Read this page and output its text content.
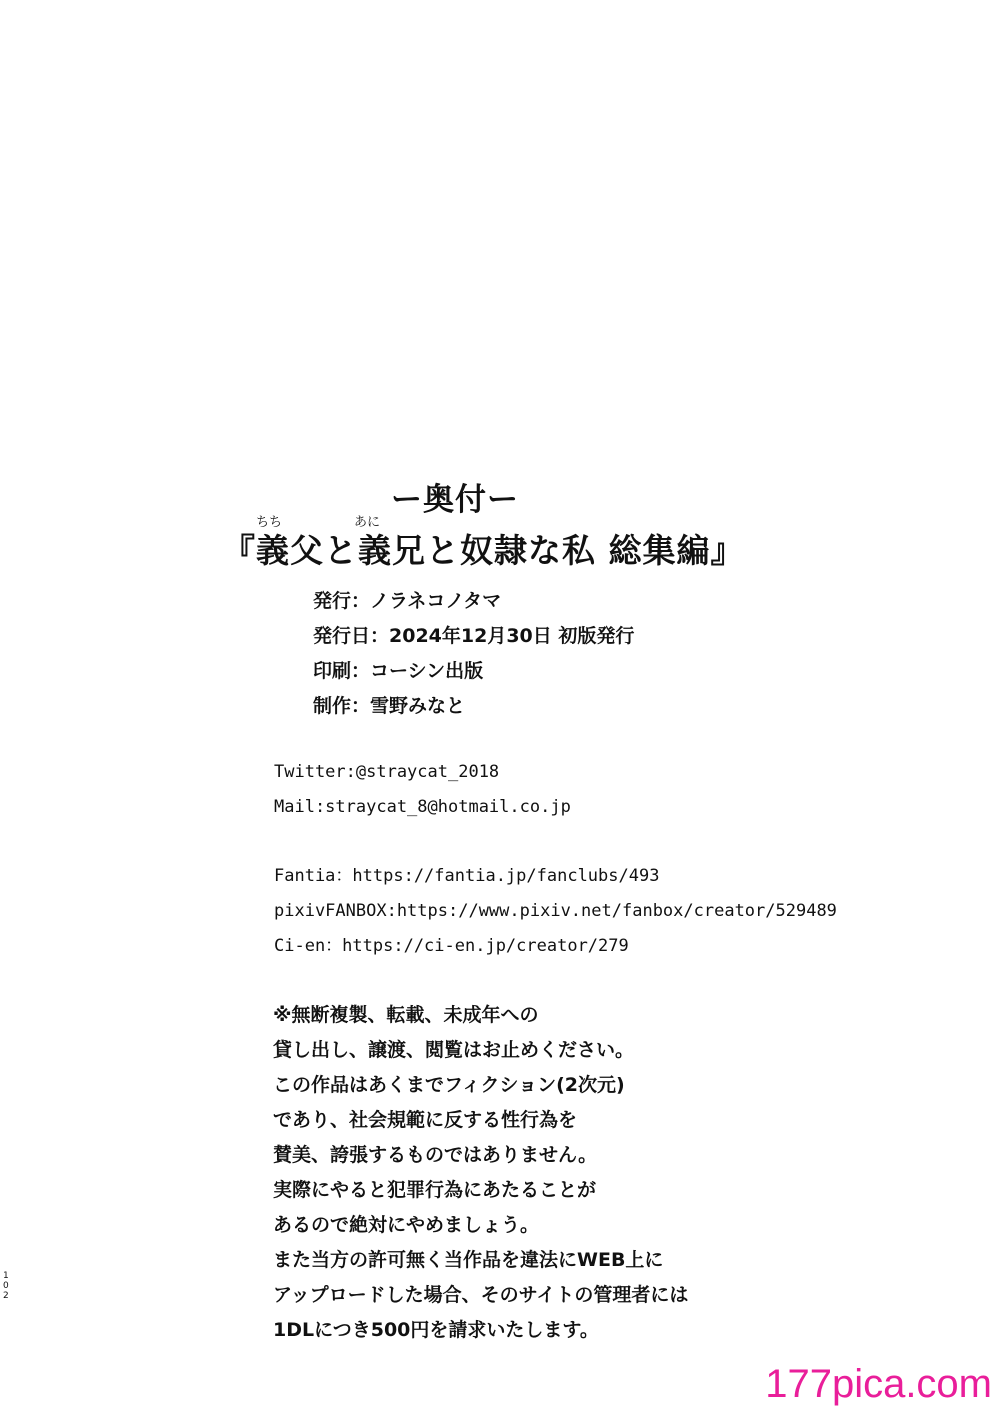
ー奥付ー
ちち	あに
『義父と義兄と奴隷な私 総集編』
発行：ノラネコノタマ
発行日：2024年12月30日 初版発行
印刷：コーシン出版
制作：雪野みなと
Twitter:@straycat_2018
Mail:straycat_8@hotmail.co.jp
Fantia：https://fantia.jp/fanclubs/493
pixivFANBOX:https://www.pixiv.net/fanbox/creator/529489
Ci-en：https://ci-en.jp/creator/279
※無断複製、転載、未成年への
貸し出し、譲渡、閲覧はお止めください。
この作品はあくまでフィクション(2次元)
であり、社会規範に反する性行為を
賛美、誇張するものではありません。
実際にやると犯罪行為にあたることが
あるので絶対にやめましょう。
また当方の許可無く当作品を違法にWEB上に
アップロードした場合、そのサイトの管理者には
1DLにつき500円を請求いたします。
102
177pica.com
